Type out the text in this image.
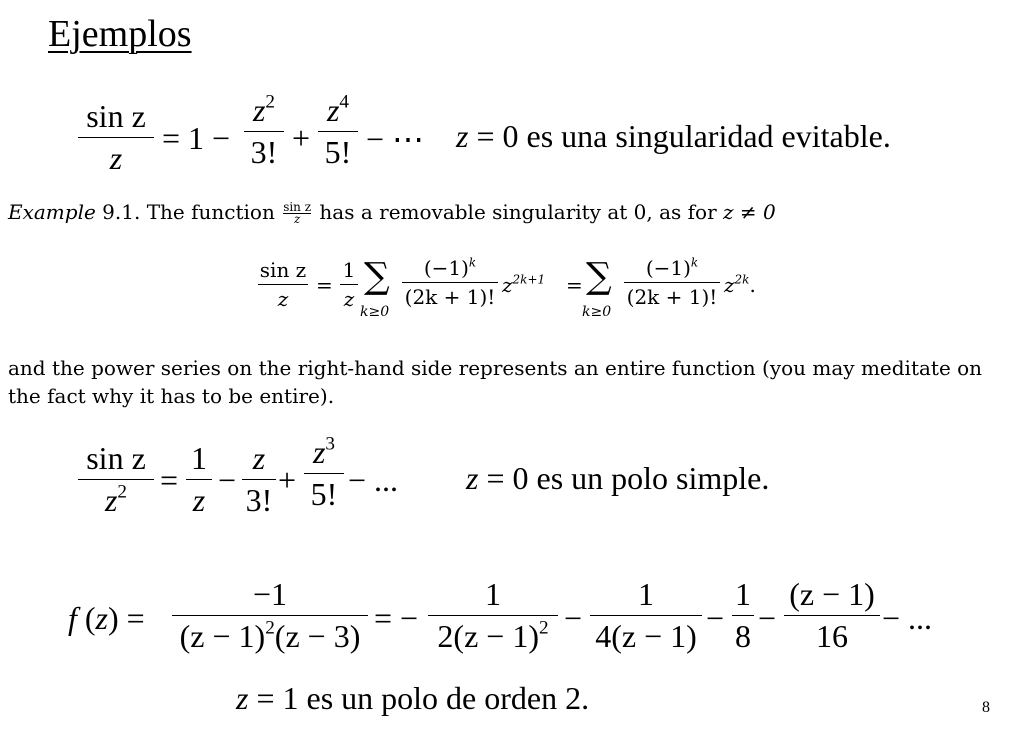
Ejemplos
sin z
z
= 1 −
$z^2$
3! +
$z^4$
5! − ⋯ z = 0 es una singularidad evitable.
Example 9.1. The function $\frac{\text{sin z}}{z}$ has a removable singularity at 0, as for z ≠ 0
sin z
z
=
1
z
∑
k≥0
$(-1)^k$
(2k + 1)! $z^{2k+1}$ = ∑
k≥0
$(-1)^k$
(2k + 1)! $z^{2k}$.
and the power series on the right-hand side represents an entire function (you may meditate on the fact why it has to be entire).
sin z
$z^2$	=
1
z
−
z
3!
+
$z^3$
5! − ... z = 0 es un polo simple.
f (z) =
−1
$(z - 1)^2(z - 3)$ = −
1
$2(z - 1)^2$ −
1
4(z − 1) −
1
8 −
(z − 1)
16	− ...
z = 1 es un polo de orden 2.	8
